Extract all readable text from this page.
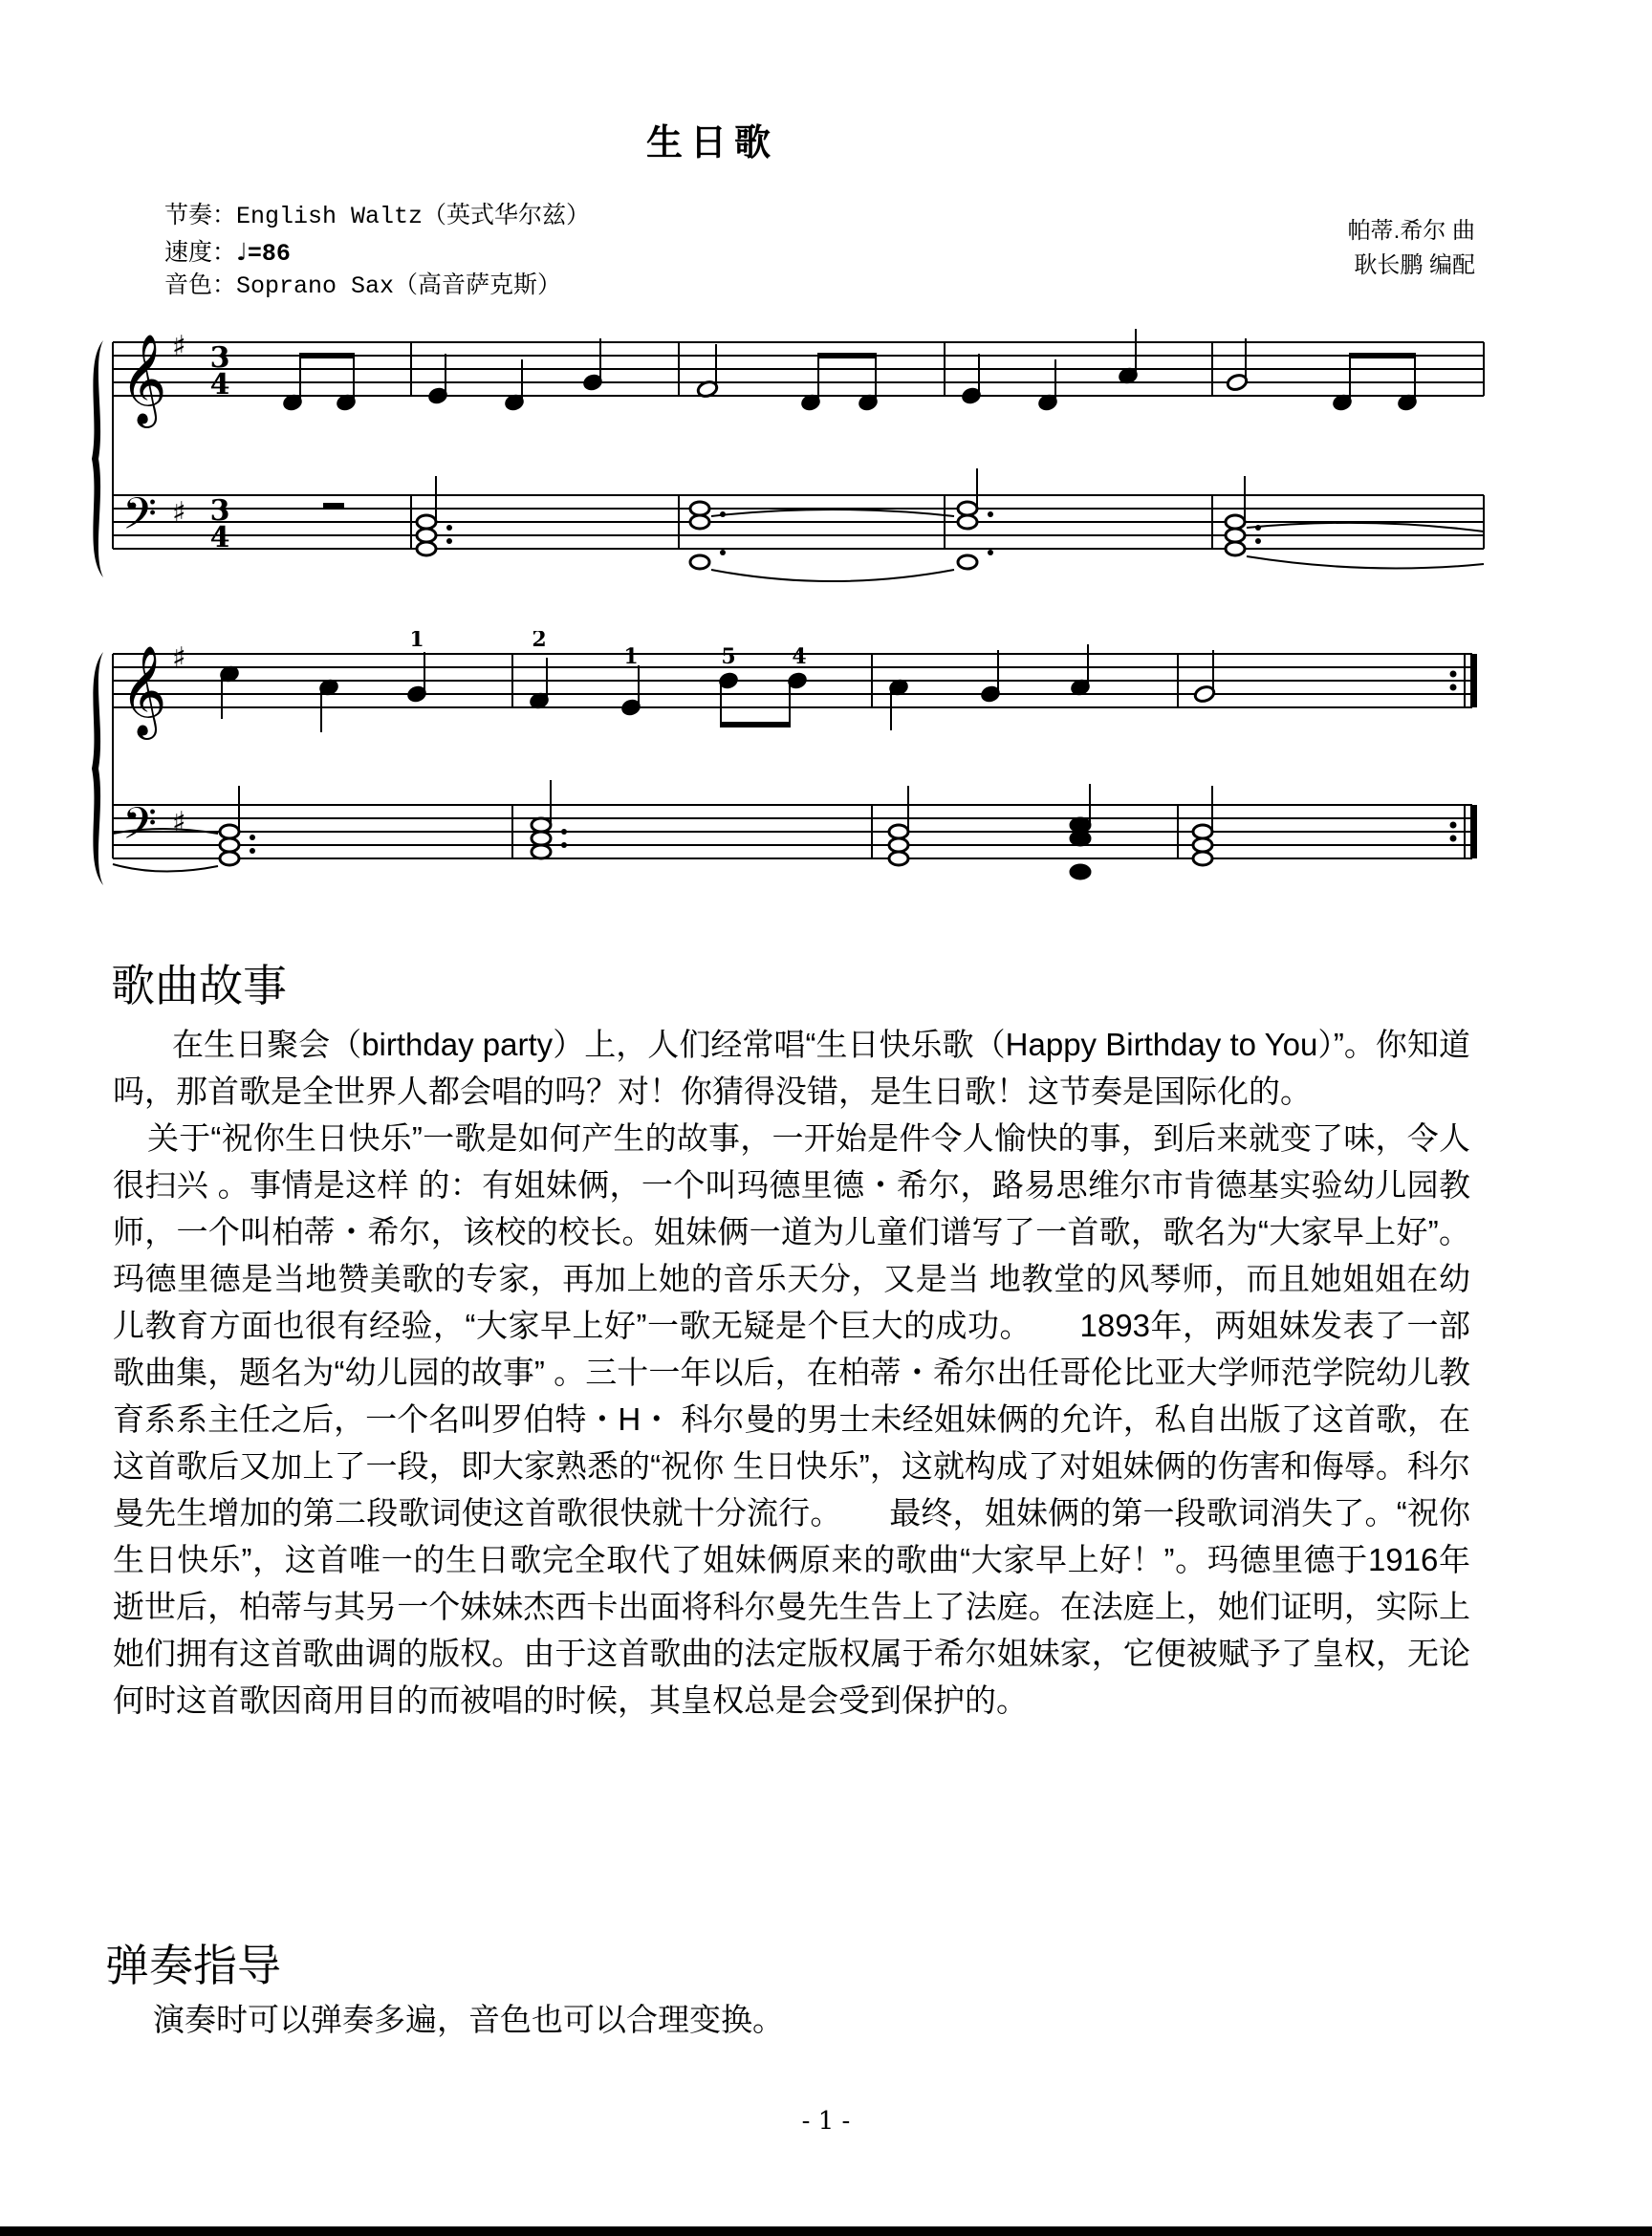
生日歌
节奏：English Waltz（英式华尔兹）
速度：♩=86
音色：Soprano Sax（高音萨克斯）
帕蒂.希尔 曲
耿长鹏 编配
𝄞
𝄢
♯
♯
3
4
3
4
𝄞
𝄢
♯
♯
1	2
1	5	4
歌曲故事

在生日聚会（birthday party）上，人们经常唱“生日快乐歌（Happy Birthday to You）”。你知道吗，那首歌是全世界人都会唱的吗？对！你猜得没错，是生日歌！这节奏是国际化的。

关于“祝你生日快乐”一歌是如何产生的故事，一开始是件令人愉快的事，到后来就变了味，令人很扫兴 。事情是这样 的：有姐妹俩，一个叫玛德里德・希尔，路易思维尔市肯德基实验幼儿园教师，一个叫柏蒂・希尔，该校的校长。姐妹俩一道为儿童们谱写了一首歌，歌名为“大家早上好”。玛德里德是当地赞美歌的专家，再加上她的音乐天分，又是当 地教堂的风琴师，而且她姐姐在幼儿教育方面也很有经验，“大家早上好”一歌无疑是个巨大的成功。　　1893年，两姐妹发表了一部歌曲集，题名为“幼儿园的故事” 。三十一年以后，在柏蒂・希尔出任哥伦比亚大学师范学院幼儿教育系系主任之后，一个名叫罗伯特・H・ 科尔曼的男士未经姐妹俩的允许，私自出版了这首歌，在这首歌后又加上了一段，即大家熟悉的“祝你 生日快乐”，这就构成了对姐妹俩的伤害和侮辱。科尔曼先生增加的第二段歌词使这首歌很快就十分流行。　　最终，姐妹俩的第一段歌词消失了。“祝你生日快乐”，这首唯一的生日歌完全取代了姐妹俩原来的歌曲“大家早上好！”。玛德里德于1916年逝世后，柏蒂与其另一个妹妹杰西卡出面将科尔曼先生告上了法庭。在法庭上，她们证明，实际上她们拥有这首歌曲调的版权。由于这首歌曲的法定版权属于希尔姐妹家，它便被赋予了皇权，无论何时这首歌因商用目的而被唱的时候，其皇权总是会受到保护的。

弹奏指导
演奏时可以弹奏多遍，音色也可以合理变换。
- 1 -
